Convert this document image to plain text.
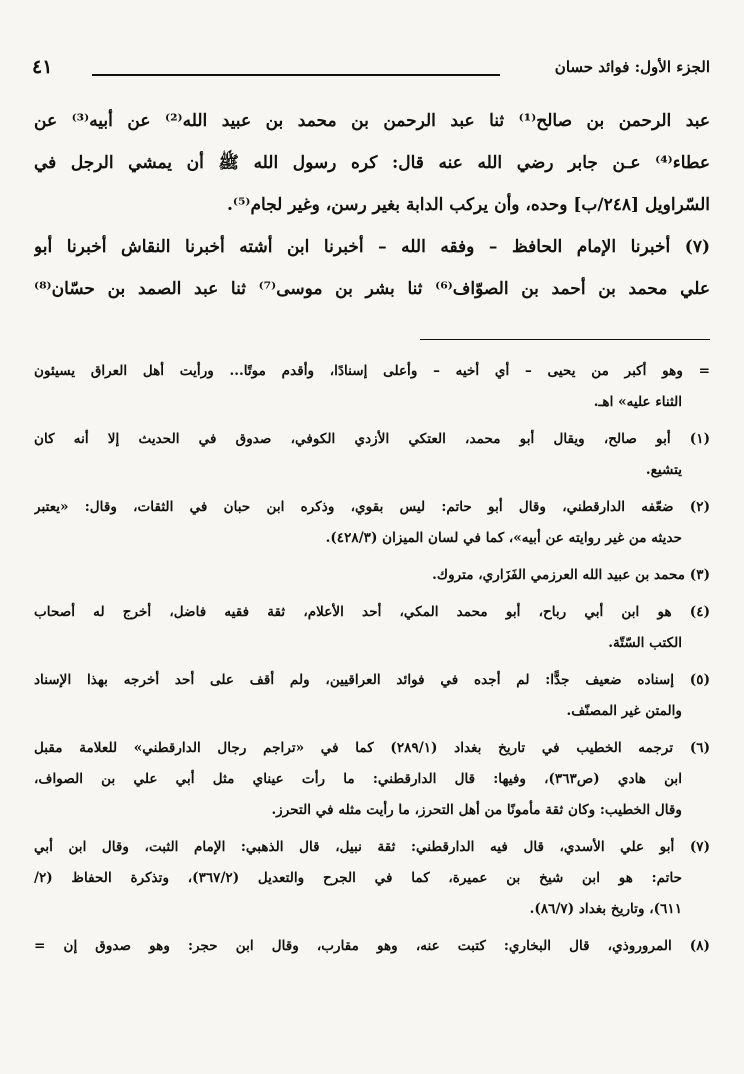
الجزء الأول: فوائد حسان
٤١
عبد الرحمن بن صالح⁽¹⁾ ثنا عبد الرحمن بن محمد بن عبيد الله⁽²⁾ عن أبيه⁽³⁾ عن
عطاء⁽⁴⁾ عـن جابر رضي الله عنه قال: كره رسول الله ﷺ أن يمشي الرجل في
السّراويل [٢٤٨/ب] وحده، وأن يركب الدابة بغير رسن، وغير لجام⁽⁵⁾.
(٧) أخبرنا الإمام الحافظ – وفقه الله – أخبرنا ابن أشته أخبرنا النقاش أخبرنا أبو
علي محمد بن أحمد بن الصوّاف⁽⁶⁾ ثنا بشر بن موسى⁽⁷⁾ ثنا عبد الصمد بن حسّان⁽⁸⁾
= وهو أكبر من يحيى – أي أخيه – وأعلى إسنادًا، وأقدم موتًا... ورأيت أهل العراق يسيئون
الثناء عليه» اهـ.
(١) أبو صالح، ويقال أبو محمد، العتكي الأزدي الكوفي، صدوق في الحديث إلا أنه كان
يتشيع.
(٢) ضعّفه الدارقطني، وقال أبو حاتم: ليس بقوي، وذكره ابن حبان في الثقات، وقال: «يعتبر
حديثه من غير روايته عن أبيه»، كما في لسان الميزان (٤٢٨/٣).
(٣) محمد بن عبيد الله العرزمي الفَزَاري، متروك.
(٤) هو ابن أبي رباح، أبو محمد المكي، أحد الأعلام، ثقة فقيه فاضل، أخرج له أصحاب
الكتب السّتّة.
(٥) إسناده ضعيف جدًّا: لم أجده في فوائد العراقيين، ولم أقف على أحد أخرجه بهذا الإسناد
والمتن غير المصنّف.
(٦) ترجمه الخطيب في تاريخ بغداد (٢٨٩/١) كما في «تراجم رجال الدارقطني» للعلامة مقبل
ابن هادي (ص٣٦٣)، وفيها: قال الدارقطني: ما رأت عيناي مثل أبي علي بن الصواف،
وقال الخطيب: وكان ثقة مأمونًا من أهل التحرز، ما رأيت مثله في التحرز.
(٧) أبو علي الأسدي، قال فيه الدارقطني: ثقة نبيل، قال الذهبي: الإمام الثبت، وقال ابن أبي
حاتم: هو ابن شيخ بن عميرة، كما في الجرح والتعديل (٣٦٧/٢)، وتذكرة الحفاظ (٢/
٦١١)، وتاريخ بغداد (٨٦/٧).
(٨) المروروذي، قال البخاري: كتبت عنه، وهو مقارب، وقال ابن حجر: وهو صدوق إن =
